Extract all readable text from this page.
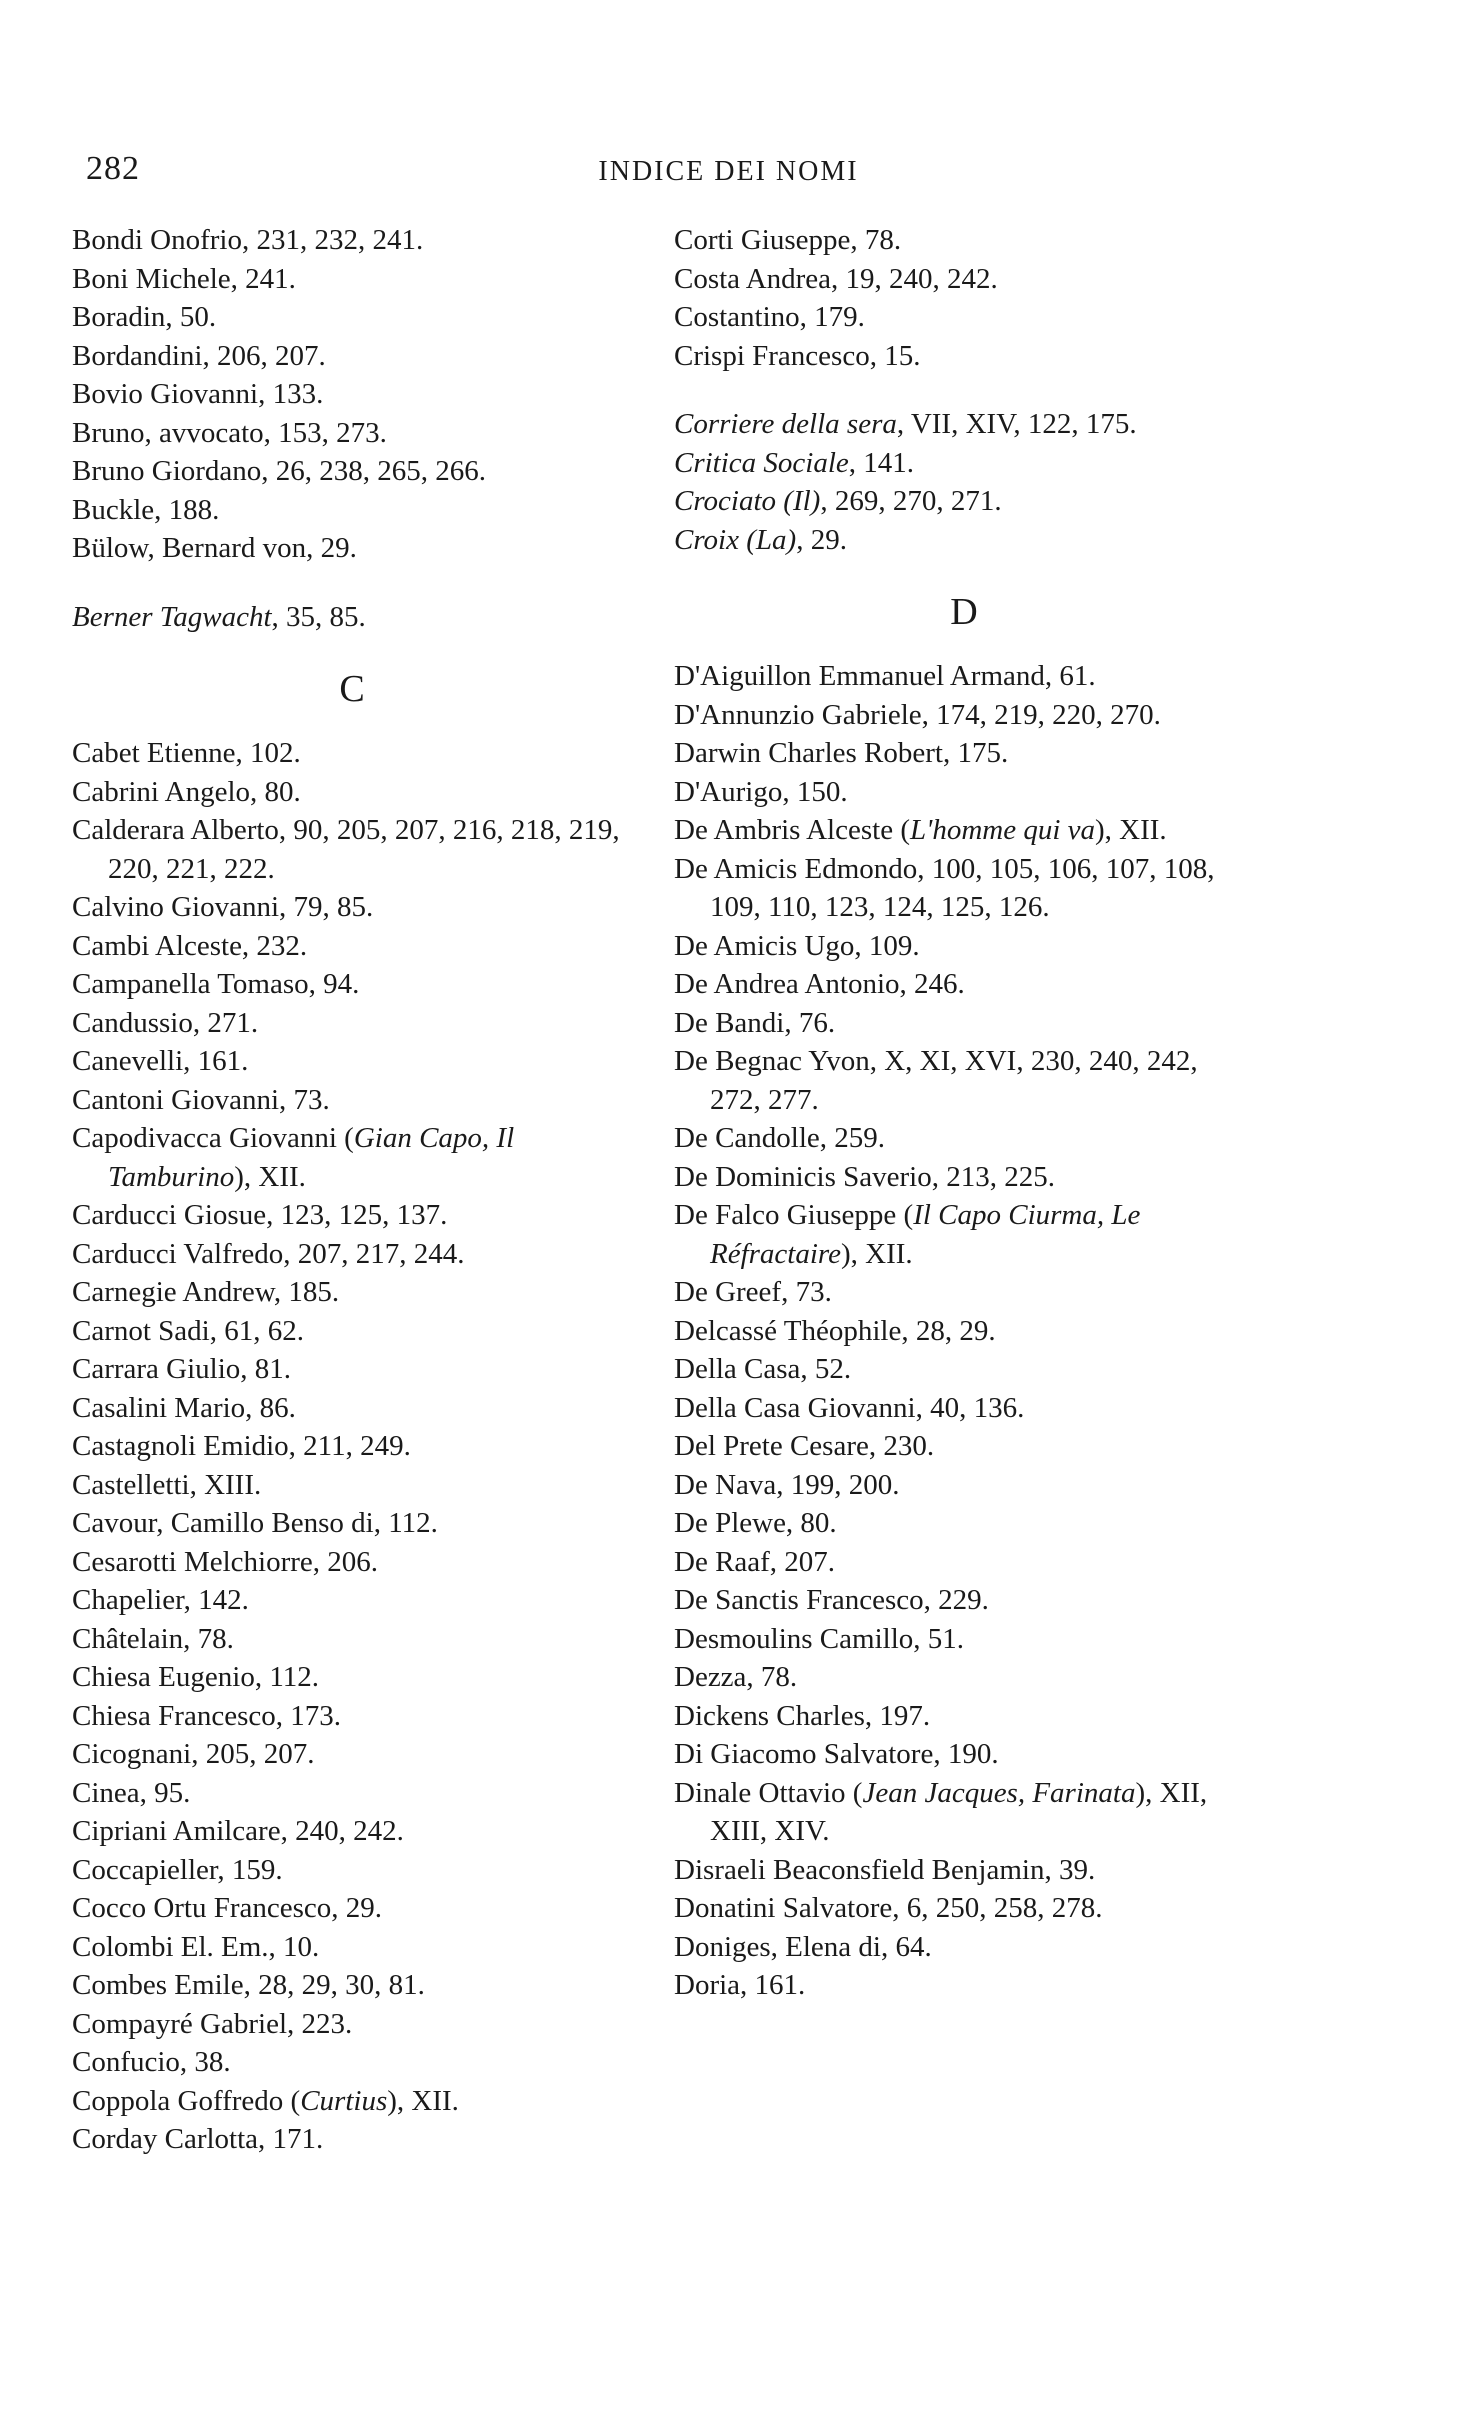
282	INDICE DEI NOMI
Bondi Onofrio, 231, 232, 241.
Boni Michele, 241.
Boradin, 50.
Bordandini, 206, 207.
Bovio Giovanni, 133.
Bruno, avvocato, 153, 273.
Bruno Giordano, 26, 238, 265, 266.
Buckle, 188.
Bülow, Bernard von, 29.
Berner Tagwacht, 35, 85.
C
Cabet Etienne, 102.
Cabrini Angelo, 80.
Calderara Alberto, 90, 205, 207, 216, 218, 219, 220, 221, 222.
Calvino Giovanni, 79, 85.
Cambi Alceste, 232.
Campanella Tomaso, 94.
Candussio, 271.
Canevelli, 161.
Cantoni Giovanni, 73.
Capodivacca Giovanni (Gian Capo, Il Tamburino), XII.
Carducci Giosue, 123, 125, 137.
Carducci Valfredo, 207, 217, 244.
Carnegie Andrew, 185.
Carnot Sadi, 61, 62.
Carrara Giulio, 81.
Casalini Mario, 86.
Castagnoli Emidio, 211, 249.
Castelletti, XIII.
Cavour, Camillo Benso di, 112.
Cesarotti Melchiorre, 206.
Chapelier, 142.
Châtelain, 78.
Chiesa Eugenio, 112.
Chiesa Francesco, 173.
Cicognani, 205, 207.
Cinea, 95.
Cipriani Amilcare, 240, 242.
Coccapieller, 159.
Cocco Ortu Francesco, 29.
Colombi El. Em., 10.
Combes Emile, 28, 29, 30, 81.
Compayré Gabriel, 223.
Confucio, 38.
Coppola Goffredo (Curtius), XII.
Corday Carlotta, 171.
Corti Giuseppe, 78.
Costa Andrea, 19, 240, 242.
Costantino, 179.
Crispi Francesco, 15.
Corriere della sera, VII, XIV, 122, 175.
Critica Sociale, 141.
Crociato (Il), 269, 270, 271.
Croix (La), 29.
D
D'Aiguillon Emmanuel Armand, 61.
D'Annunzio Gabriele, 174, 219, 220, 270.
Darwin Charles Robert, 175.
D'Aurigo, 150.
De Ambris Alceste (L'homme qui va), XII.
De Amicis Edmondo, 100, 105, 106, 107, 108, 109, 110, 123, 124, 125, 126.
De Amicis Ugo, 109.
De Andrea Antonio, 246.
De Bandi, 76.
De Begnac Yvon, X, XI, XVI, 230, 240, 242, 272, 277.
De Candolle, 259.
De Dominicis Saverio, 213, 225.
De Falco Giuseppe (Il Capo Ciurma, Le Réfractaire), XII.
De Greef, 73.
Delcassé Théophile, 28, 29.
Della Casa, 52.
Della Casa Giovanni, 40, 136.
Del Prete Cesare, 230.
De Nava, 199, 200.
De Plewe, 80.
De Raaf, 207.
De Sanctis Francesco, 229.
Desmoulins Camillo, 51.
Dezza, 78.
Dickens Charles, 197.
Di Giacomo Salvatore, 190.
Dinale Ottavio (Jean Jacques, Farinata), XII, XIII, XIV.
Disraeli Beaconsfield Benjamin, 39.
Donatini Salvatore, 6, 250, 258, 278.
Doniges, Elena di, 64.
Doria, 161.
